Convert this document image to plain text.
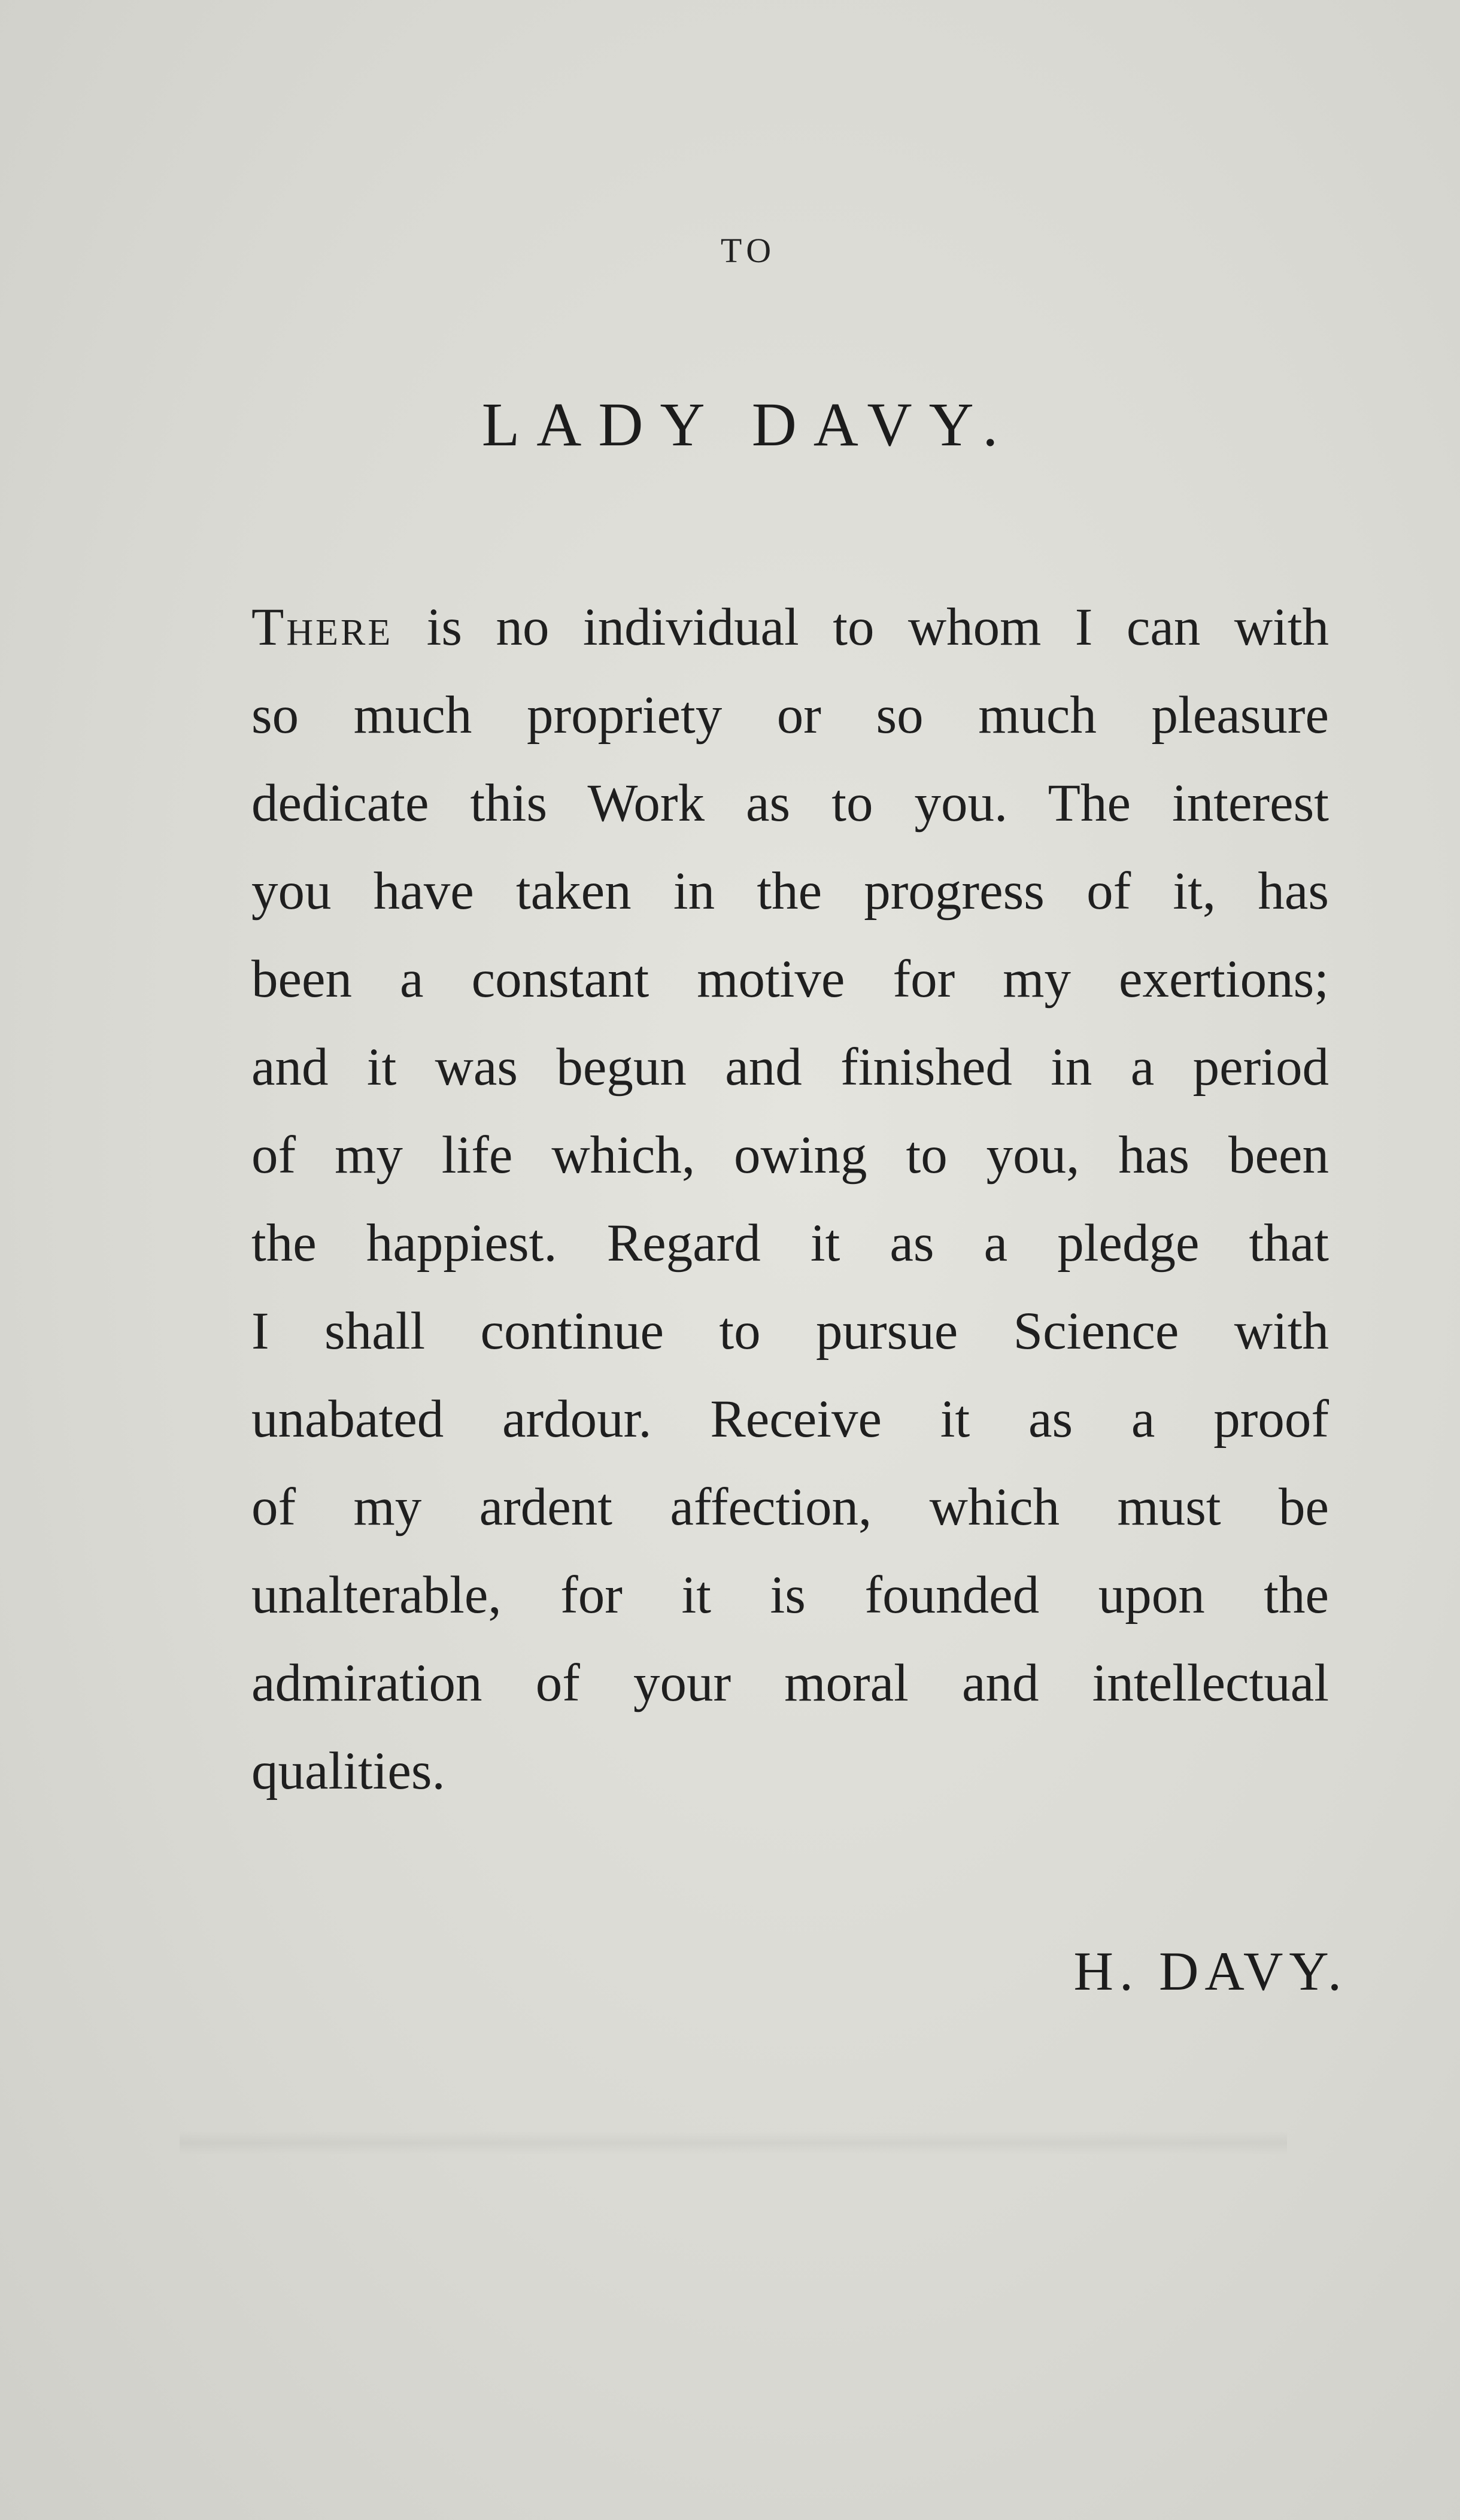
TO
LADY DAVY.
There is no individual to whom I can with
so much propriety or so much pleasure
dedicate this Work as to you. The interest
you have taken in the progress of it, has
been a constant motive for my exertions;
and it was begun and finished in a period
of my life which, owing to you, has been
the happiest. Regard it as a pledge that
I shall continue to pursue Science with
unabated ardour. Receive it as a proof
of my ardent affection, which must be
unalterable, for it is founded upon the
admiration of your moral and intellectual
qualities.
H. DAVY.
